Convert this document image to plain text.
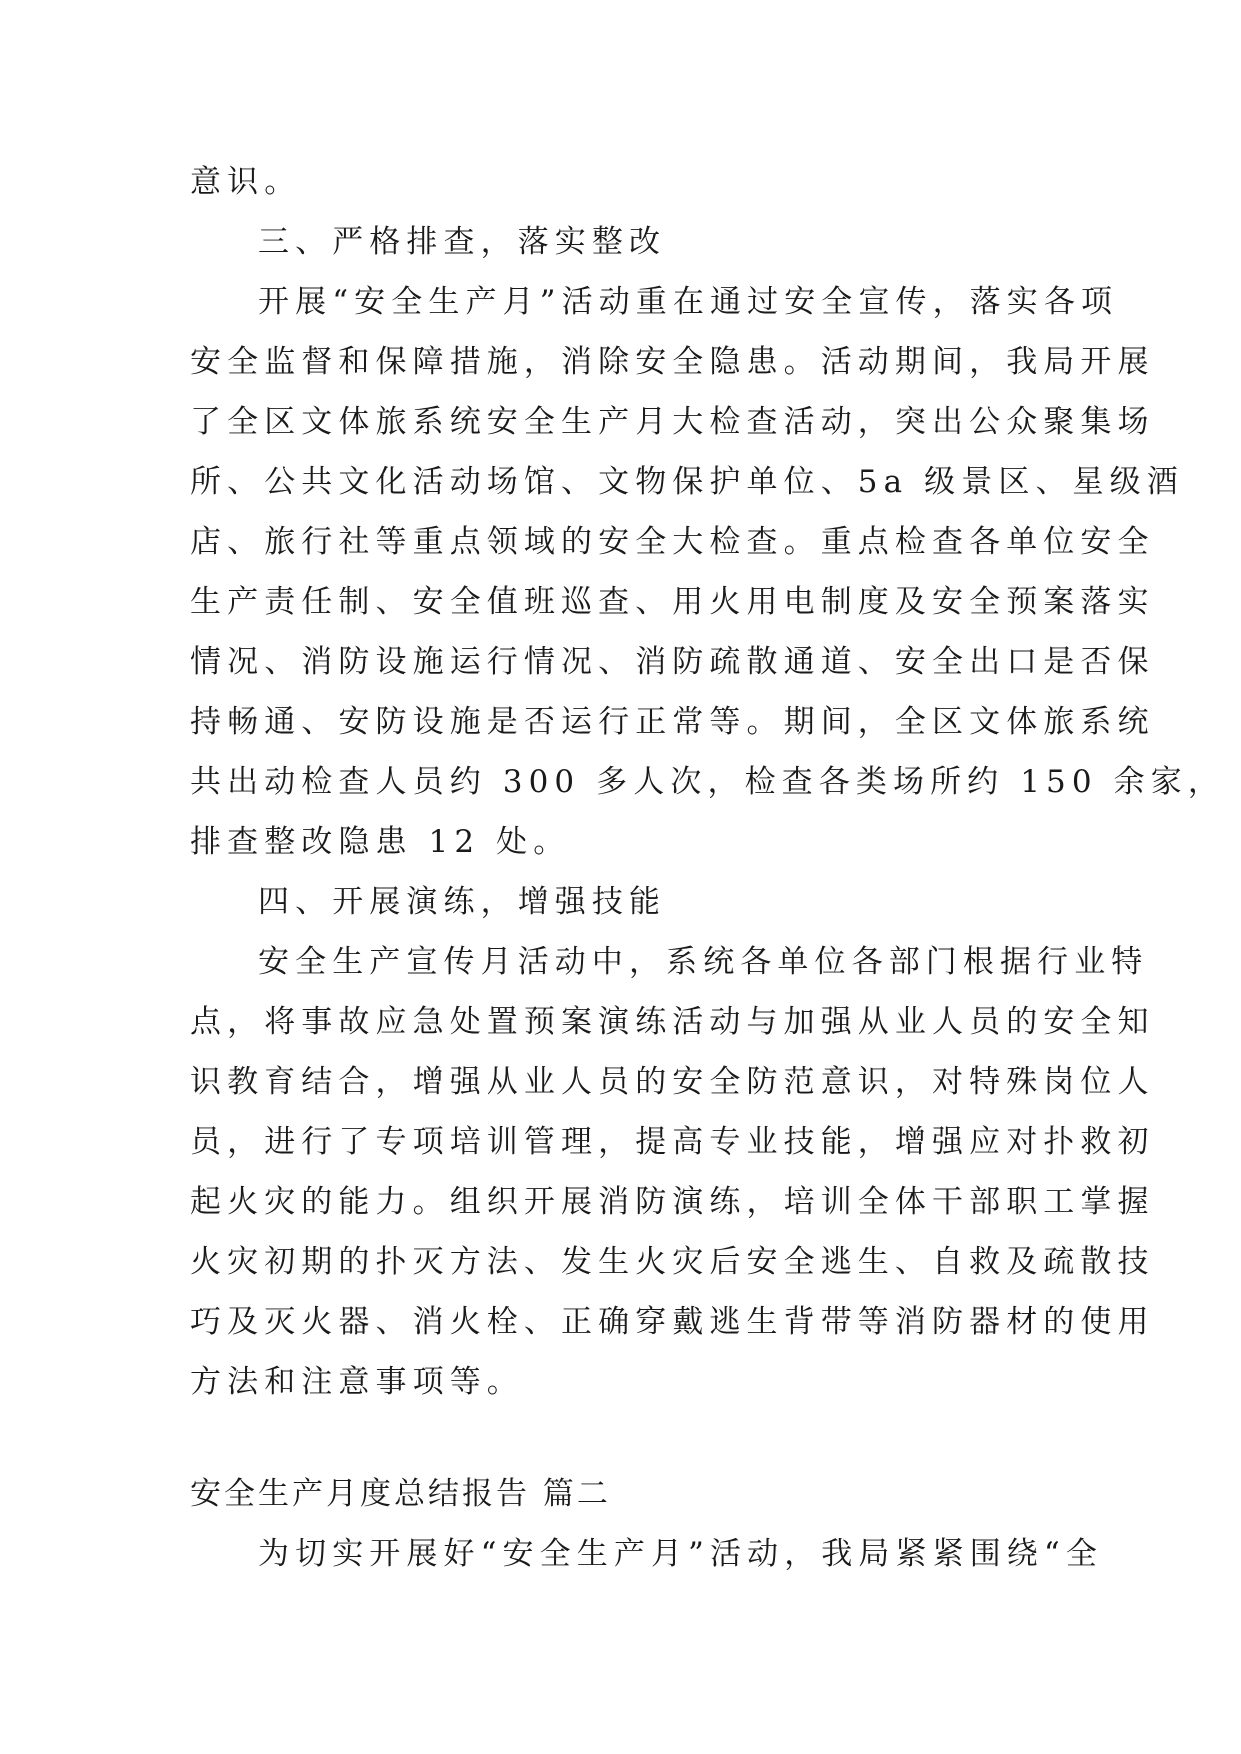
意识。
三、严格排查，落实整改
开展“安全生产月”活动重在通过安全宣传，落实各项
安全监督和保障措施，消除安全隐患。活动期间，我局开展
了全区文体旅系统安全生产月大检查活动，突出公众聚集场
所、公共文化活动场馆、文物保护单位、5a 级景区、星级酒
店、旅行社等重点领域的安全大检查。重点检查各单位安全
生产责任制、安全值班巡查、用火用电制度及安全预案落实
情况、消防设施运行情况、消防疏散通道、安全出口是否保
持畅通、安防设施是否运行正常等。期间，全区文体旅系统
共出动检查人员约 300 多人次，检查各类场所约 150 余家，
排查整改隐患 12 处。
四、开展演练，增强技能
安全生产宣传月活动中，系统各单位各部门根据行业特
点，将事故应急处置预案演练活动与加强从业人员的安全知
识教育结合，增强从业人员的安全防范意识，对特殊岗位人
员，进行了专项培训管理，提高专业技能，增强应对扑救初
起火灾的能力。组织开展消防演练，培训全体干部职工掌握
火灾初期的扑灭方法、发生火灾后安全逃生、自救及疏散技
巧及灭火器、消火栓、正确穿戴逃生背带等消防器材的使用
方法和注意事项等。
安全生产月度总结报告 篇二
为切实开展好“安全生产月”活动，我局紧紧围绕“全
